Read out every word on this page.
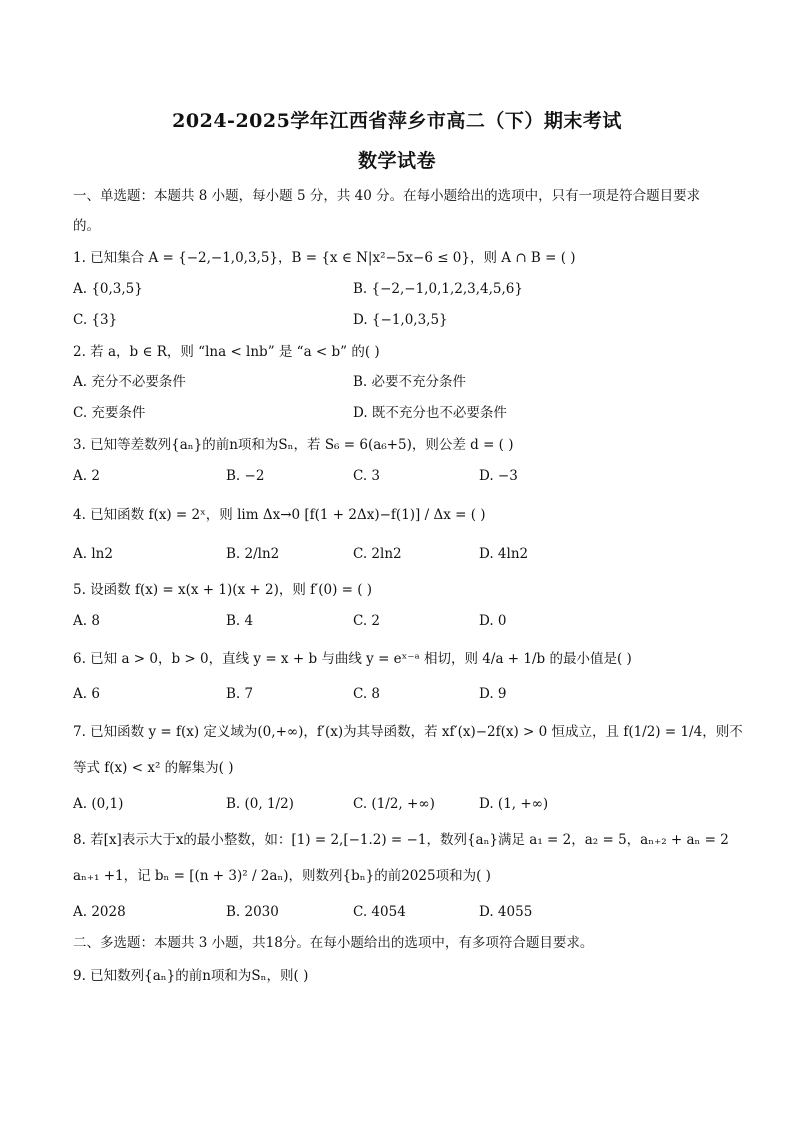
2024-2025学年江西省萍乡市高二（下）期末考试
数学试卷
一、单选题：本题共 8 小题，每小题 5 分，共 40 分。在每小题给出的选项中，只有一项是符合题目要求
的。
1. 已知集合 A = {−2,−1,0,3,5}，B = {x ∈ N|x²−5x−6 ≤ 0}，则 A ∩ B = ( )
A. {0,3,5}	B. {−2,−1,0,1,2,3,4,5,6}
C. {3}	D. {−1,0,3,5}
2. 若 a，b ∈ R，则 “lna < lnb” 是 “a < b” 的( )
A. 充分不必要条件	B. 必要不充分条件
C. 充要条件	D. 既不充分也不必要条件
3. 已知等差数列{aₙ}的前n项和为Sₙ，若 S₆ = 6(a₆+5)，则公差 d = ( )
A. 2	B. −2	C. 3	D. −3
4. 已知函数 f(x) = 2ˣ，则 lim Δx→0 [f(1 + 2Δx)−f(1)] / Δx = ( )
A. ln2	B. 2/ln2	C. 2ln2	D. 4ln2
5. 设函数 f(x) = x(x + 1)(x + 2)，则 f′(0) = ( )
A. 8	B. 4	C. 2	D. 0
6. 已知 a > 0，b > 0，直线 y = x + b 与曲线 y = eˣ⁻ᵃ 相切，则 4/a + 1/b 的最小值是( )
A. 6	B. 7	C. 8	D. 9
7. 已知函数 y = f(x) 定义域为(0,+∞)，f′(x)为其导函数，若 xf′(x)−2f(x) > 0 恒成立，且 f(1/2) = 1/4，则不
等式 f(x) < x² 的解集为( )
A. (0,1)	B. (0, 1/2)	C. (1/2, +∞)	D. (1, +∞)
8. 若[x]表示大于x的最小整数，如：[1) = 2,[−1.2) = −1，数列{aₙ}满足 a₁ = 2，a₂ = 5，aₙ₊₂ + aₙ = 2
aₙ₊₁ +1，记 bₙ = [(n + 3)² / 2aₙ)，则数列{bₙ}的前2025项和为( )
A. 2028	B. 2030	C. 4054	D. 4055
二、多选题：本题共 3 小题，共18分。在每小题给出的选项中，有多项符合题目要求。
9. 已知数列{aₙ}的前n项和为Sₙ，则( )
